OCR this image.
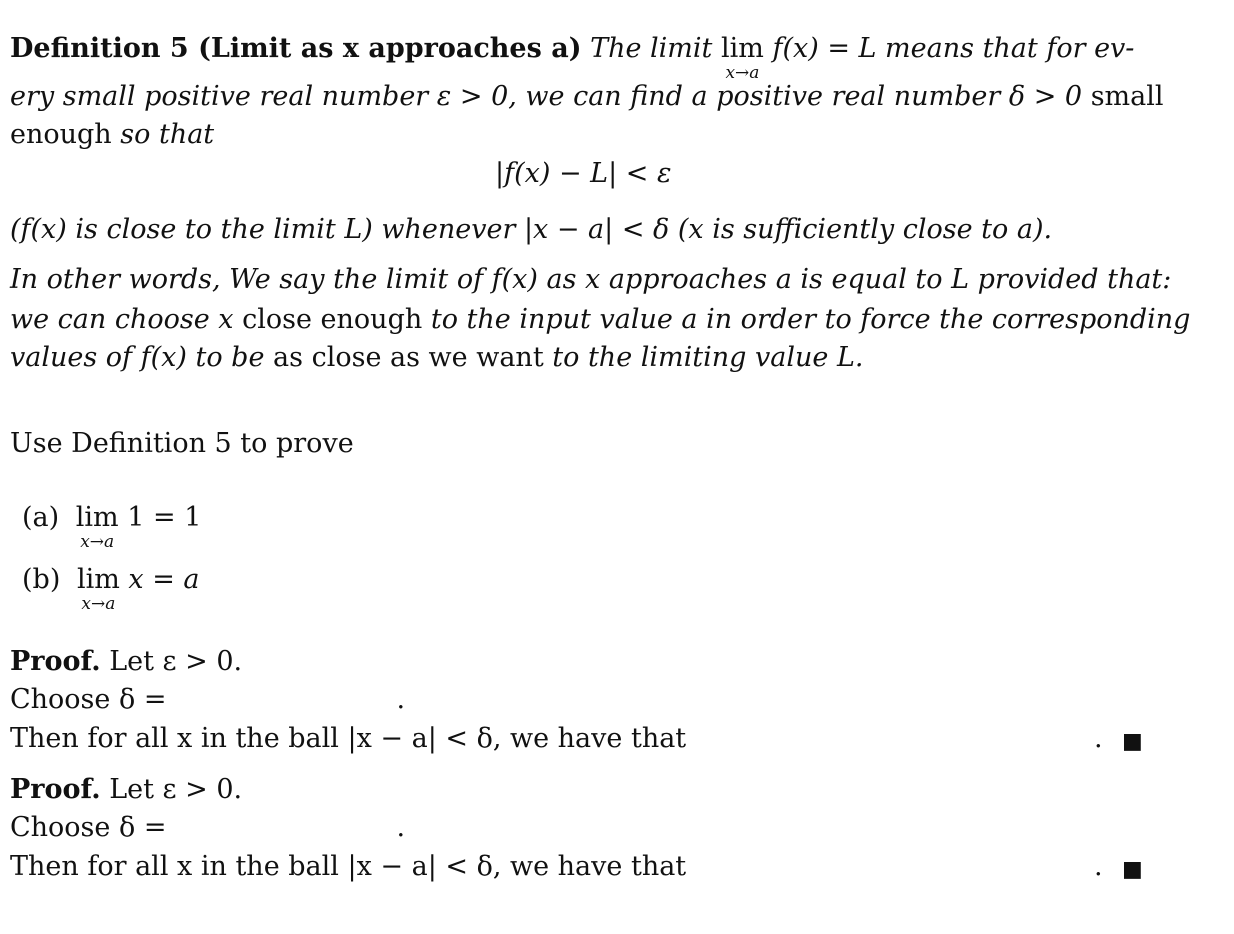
Definition 5 (Limit as x approaches a) The limit lim
x→a
f(x) = L means that for ev-
ery small positive real number ε > 0, we can find a positive real number δ > 0 small
enough so that
|f(x) − L| < ε
(f(x) is close to the limit L) whenever |x − a| < δ (x is sufficiently close to a).
In other words, We say the limit of f(x) as x approaches a is equal to L provided that:
we can choose x close enough to the input value a in order to force the corresponding
values of f(x) to be as close as we want to the limiting value L.
Use Definition 5 to prove
(a) lim
x→a
1 = 1
(b) lim
x→a
x = a
Proof. Let ε > 0.
Choose δ =	.
Then for all x in the ball |x − a| < δ, we have that	. ■
Proof. Let ε > 0.
Choose δ =	.
Then for all x in the ball |x − a| < δ, we have that	. ■
